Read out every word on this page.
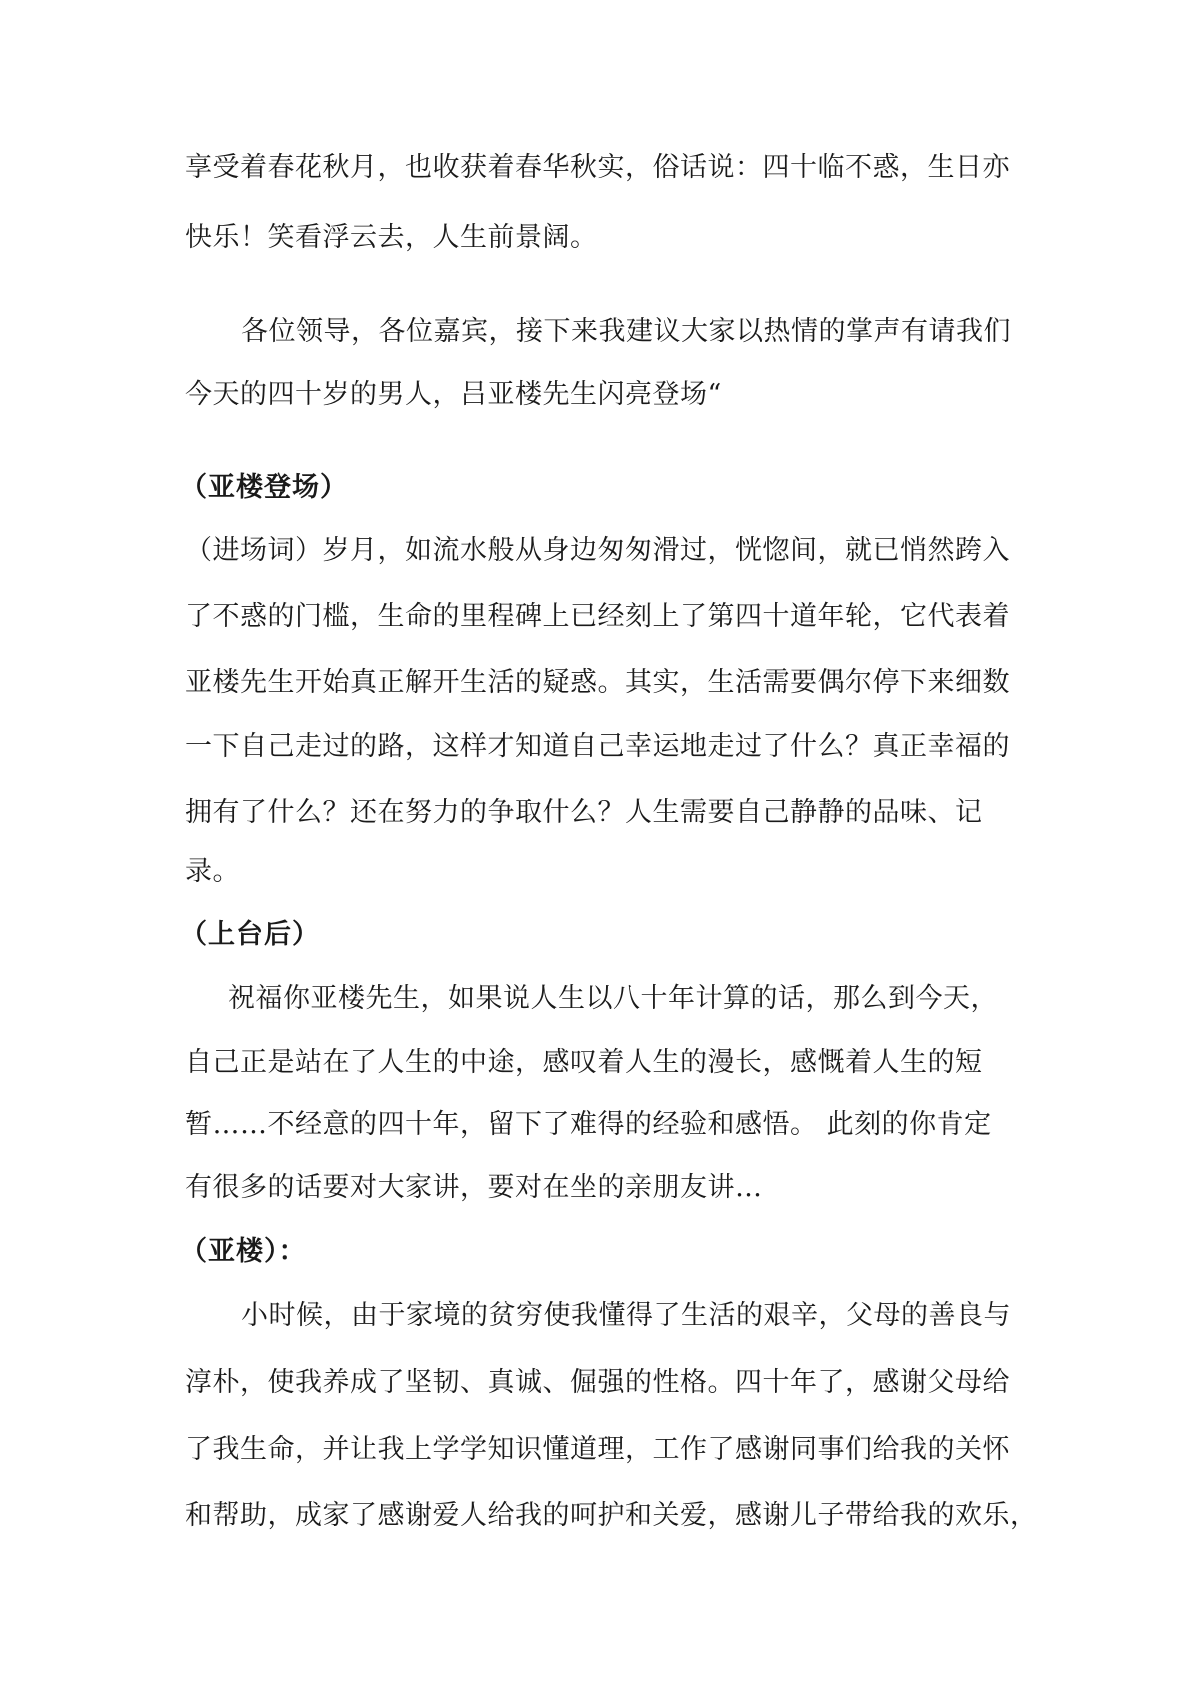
享受着春花秋月，也收获着春华秋实，俗话说：四十临不惑，生日亦
快乐！笑看浮云去，人生前景阔。
各位领导，各位嘉宾，接下来我建议大家以热情的掌声有请我们
今天的四十岁的男人，吕亚楼先生闪亮登场“
（亚楼登场）
（进场词）岁月，如流水般从身边匆匆滑过，恍惚间，就已悄然跨入
了不惑的门槛，生命的里程碑上已经刻上了第四十道年轮，它代表着
亚楼先生开始真正解开生活的疑惑。其实，生活需要偶尔停下来细数
一下自己走过的路，这样才知道自己幸运地走过了什么？真正幸福的
拥有了什么？还在努力的争取什么？人生需要自己静静的品味、记
录。
（上台后）
祝福你亚楼先生，如果说人生以八十年计算的话，那么到今天，
自己正是站在了人生的中途，感叹着人生的漫长，感慨着人生的短
暂……不经意的四十年，留下了难得的经验和感悟。 此刻的你肯定
有很多的话要对大家讲，要对在坐的亲朋友讲…
（亚楼）：
小时候，由于家境的贫穷使我懂得了生活的艰辛，父母的善良与
淳朴，使我养成了坚韧、真诚、倔强的性格。四十年了，感谢父母给
了我生命，并让我上学学知识懂道理，工作了感谢同事们给我的关怀
和帮助，成家了感谢爱人给我的呵护和关爱，感谢儿子带给我的欢乐，
